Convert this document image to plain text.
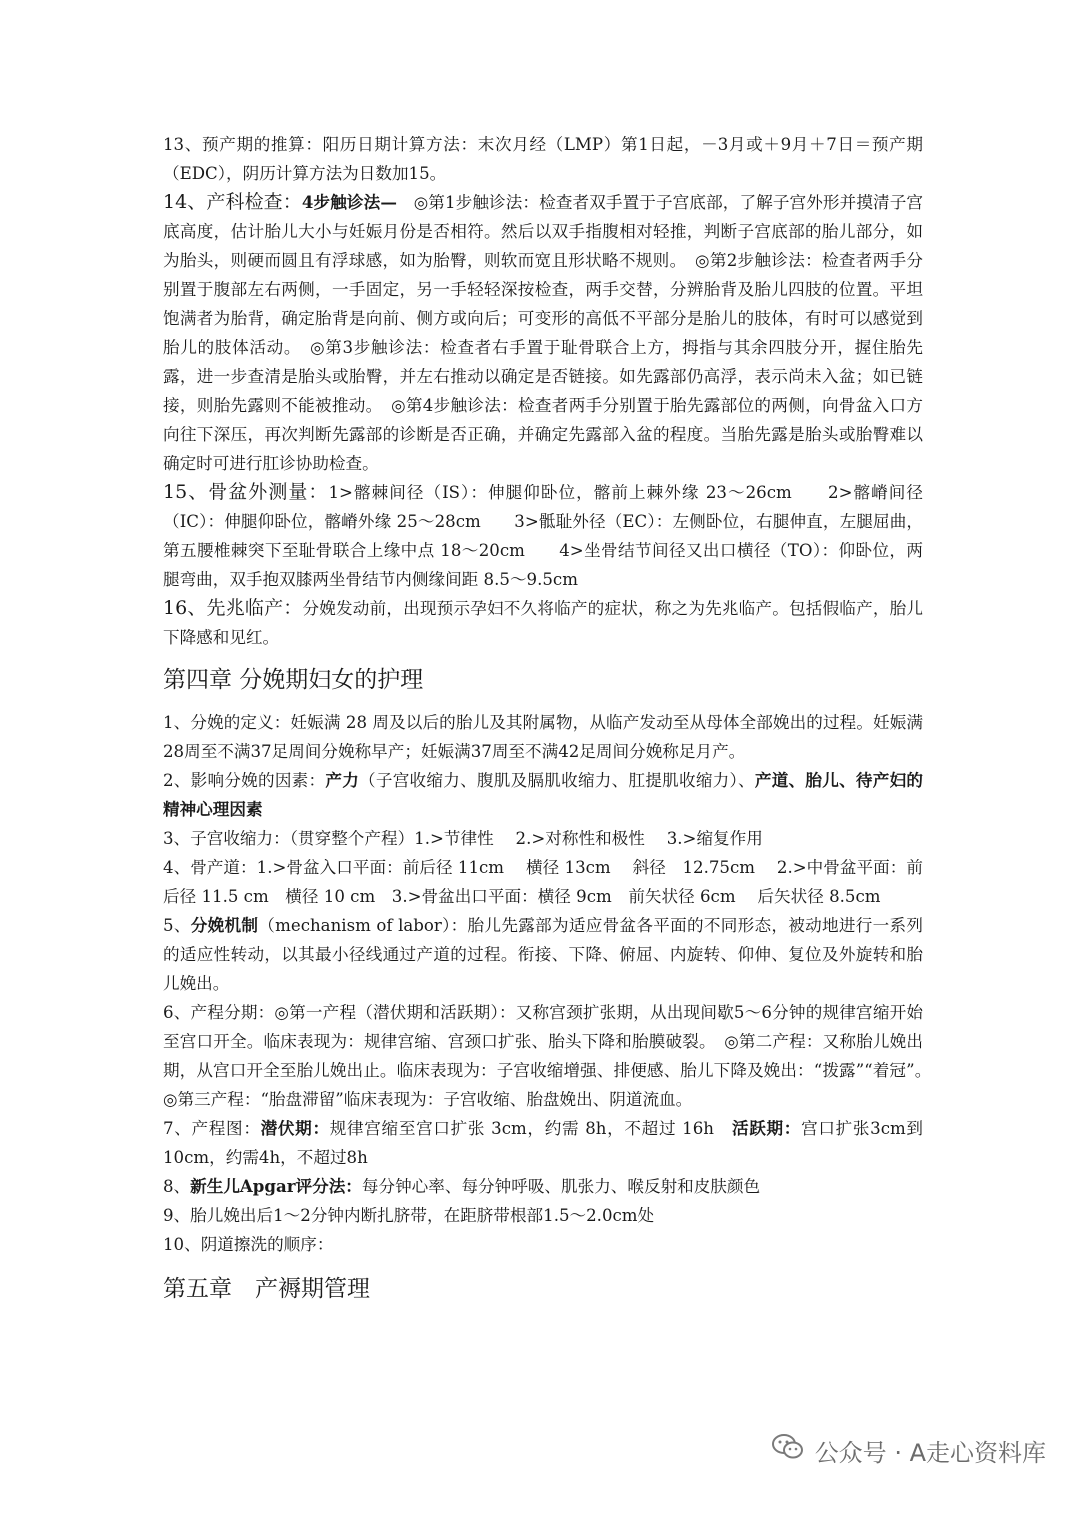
13、预产期的推算：阳历日期计算方法：末次月经（LMP）第1日起，－3月或＋9月＋7日＝预产期（EDC），阴历计算方法为日数加15。

14、产科检查：4步触诊法—　◎第1步触诊法：检查者双手置于子宫底部，了解子宫外形并摸清子宫底高度，估计胎儿大小与妊娠月份是否相符。然后以双手指腹相对轻推，判断子宫底部的胎儿部分，如为胎头，则硬而圆且有浮球感，如为胎臀，则软而宽且形状略不规则。　◎第2步触诊法：检查者两手分别置于腹部左右两侧，一手固定，另一手轻轻深按检查，两手交替，分辨胎背及胎儿四肢的位置。平坦饱满者为胎背，确定胎背是向前、侧方或向后；可变形的高低不平部分是胎儿的肢体，有时可以感觉到胎儿的肢体活动。　◎第3步触诊法：检查者右手置于耻骨联合上方，拇指与其余四肢分开，握住胎先露，进一步查清是胎头或胎臀，并左右推动以确定是否链接。如先露部仍高浮，表示尚未入盆；如已链接，则胎先露则不能被推动。　◎第4步触诊法：检查者两手分别置于胎先露部位的两侧，向骨盆入口方向往下深压，再次判断先露部的诊断是否正确，并确定先露部入盆的程度。当胎先露是胎头或胎臀难以确定时可进行肛诊协助检查。

15、骨盆外测量：1>髂棘间径（IS）：伸腿仰卧位，髂前上棘外缘 23～26cm　　2>髂嵴间径（IC）：伸腿仰卧位，髂嵴外缘 25～28cm　　3>骶耻外径（EC）：左侧卧位，右腿伸直，左腿屈曲，第五腰椎棘突下至耻骨联合上缘中点 18～20cm　　4>坐骨结节间径又出口横径（TO）：仰卧位，两腿弯曲，双手抱双膝两坐骨结节内侧缘间距 8.5～9.5cm

16、先兆临产：分娩发动前，出现预示孕妇不久将临产的症状，称之为先兆临产。包括假临产，胎儿下降感和见红。

第四章 分娩期妇女的护理

1、分娩的定义：妊娠满 28 周及以后的胎儿及其附属物，从临产发动至从母体全部娩出的过程。妊娠满28周至不满37足周间分娩称早产；妊娠满37周至不满42足周间分娩称足月产。

2、影响分娩的因素：产力（子宫收缩力、腹肌及膈肌收缩力、肛提肌收缩力）、产道、胎儿、待产妇的精神心理因素

3、子宫收缩力：（贯穿整个产程）1.>节律性　 2.>对称性和极性　 3.>缩复作用

4、骨产道：1.>骨盆入口平面：前后径 11cm　 横径 13cm　 斜径　12.75cm　 2.>中骨盆平面：前后径 11.5 cm　横径 10 cm　3.>骨盆出口平面：横径 9cm　前矢状径 6cm　 后矢状径 8.5cm

5、分娩机制（mechanism of labor）：胎儿先露部为适应骨盆各平面的不同形态，被动地进行一系列的适应性转动，以其最小径线通过产道的过程。衔接、下降、俯屈、内旋转、仰伸、复位及外旋转和胎儿娩出。

6、产程分期：◎第一产程（潜伏期和活跃期）：又称宫颈扩张期，从出现间歇5～6分钟的规律宫缩开始至宫口开全。临床表现为：规律宫缩、宫颈口扩张、胎头下降和胎膜破裂。　◎第二产程：又称胎儿娩出期，从宫口开全至胎儿娩出止。临床表现为：子宫收缩增强、排便感、胎儿下降及娩出：“拨露”“着冠”。　◎第三产程：“胎盘滞留”临床表现为：子宫收缩、胎盘娩出、阴道流血。

7、产程图：潜伏期：规律宫缩至宫口扩张 3cm，约需 8h，不超过 16h　活跃期：宫口扩张3cm到10cm，约需4h，不超过8h

8、新生儿Apgar评分法：每分钟心率、每分钟呼吸、肌张力、喉反射和皮肤颜色

9、胎儿娩出后1～2分钟内断扎脐带，在距脐带根部1.5～2.0cm处

10、阴道擦洗的顺序：

第五章　产褥期管理
公众号 · A走心资料库
